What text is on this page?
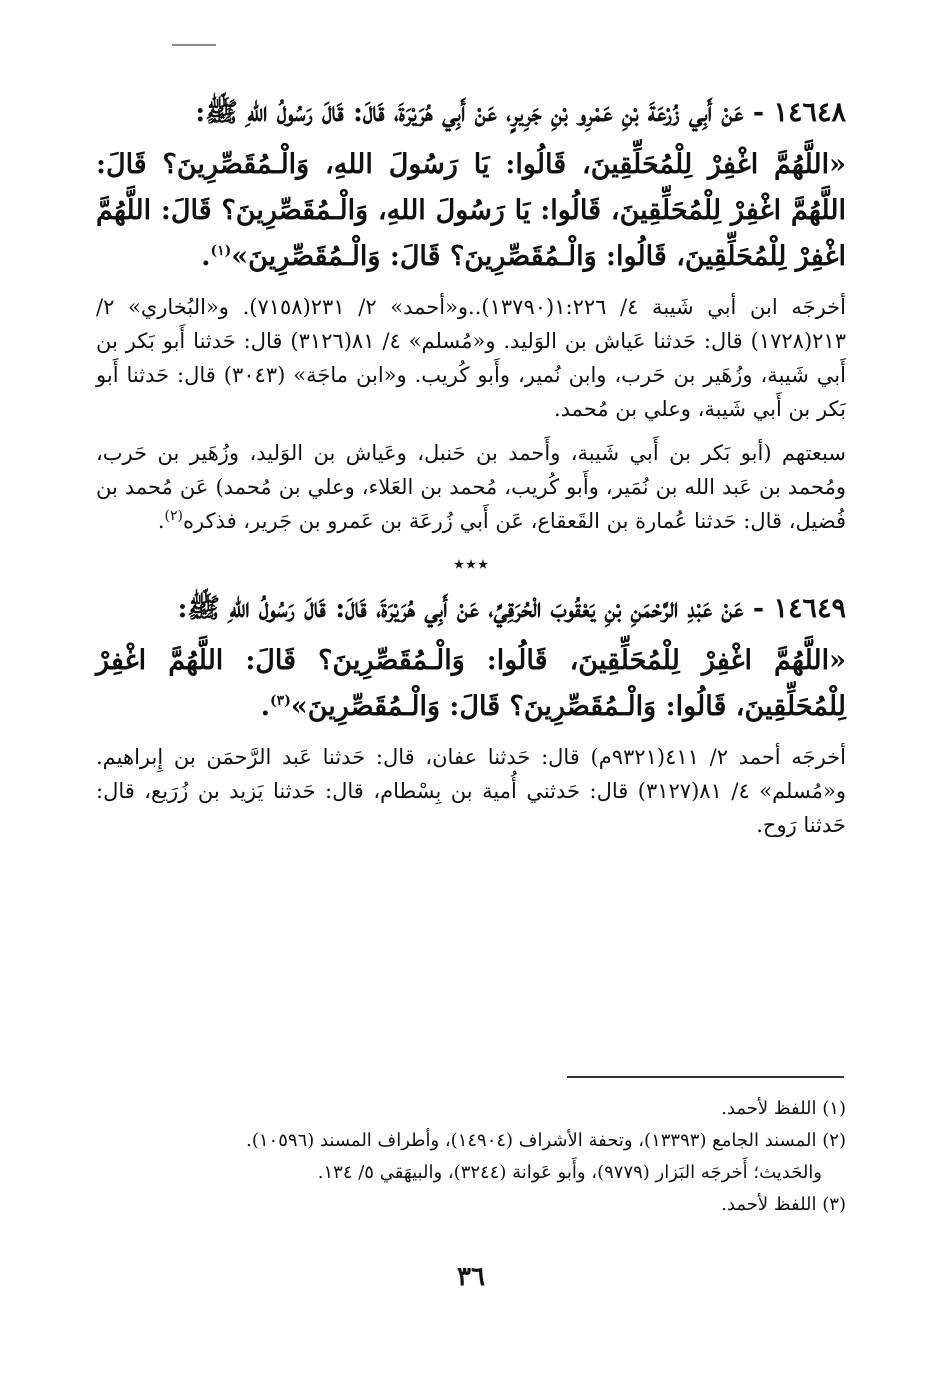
١٤٦٤٨ - عَنْ أَبِي زُرْعَةَ بْنِ عَمْرِو بْنِ جَرِيرٍ، عَنْ أَبِي هُرَيْرَةَ، قَالَ: قَالَ رَسُولُ اللهِ ﷺ:

«اللَّهُمَّ اغْفِرْ لِلْمُحَلِّقِينَ، قَالُوا: يَا رَسُولَ اللهِ، وَالْـمُقَصِّرِينَ؟ قَالَ: اللَّهُمَّ اغْفِرْ لِلْمُحَلِّقِينَ، قَالُوا: يَا رَسُولَ اللهِ، وَالْـمُقَصِّرِينَ؟ قَالَ: اللَّهُمَّ اغْفِرْ لِلْمُحَلِّقِينَ، قَالُوا: وَالْـمُقَصِّرِينَ؟ قَالَ: وَالْـمُقَصِّرِينَ»$^{(١)}$.

أخرجَه ابن أبي شَيبة ٤/ ١:٢٢٦(١٣٧٩٠)..و«أحمد» ٢/ ٢٣١(٧١٥٨). و«البُخاري» ٢/ ٢١٣(١٧٢٨) قال: حَدثنا عَياش بن الوَليد. و«مُسلم» ٤/ ٨١(٣١٢٦) قال: حَدثنا أَبو بَكر بن أَبي شَيبة، وزُهَير بن حَرب، وابن نُمير، وأَبو كُريب. و«ابن ماجَة» (٣٠٤٣) قال: حَدثنا أَبو بَكر بن أَبي شَيبة، وعلي بن مُحمد.

سبعتهم (أبو بَكر بن أَبي شَيبة، وأَحمد بن حَنبل، وعَياش بن الوَليد، وزُهَير بن حَرب، ومُحمد بن عَبد الله بن نُمَير، وأَبو كُريب، مُحمد بن العَلاء، وعلي بن مُحمد) عَن مُحمد بن فُضيل، قال: حَدثنا عُمارة بن القَعقاع، عَن أَبي زُرعَة بن عَمرو بن جَرير، فذكره$^{(٢)}$.

٭٭٭

١٤٦٤٩ - عَنْ عَبْدِ الرَّحْمَنِ بْنِ يَعْقُوبَ الْحُرَقِيِّ، عَنْ أَبِي هُرَيْرَةَ، قَالَ: قَالَ رَسُولُ اللهِ ﷺ:

«اللَّهُمَّ اغْفِرْ لِلْمُحَلِّقِينَ، قَالُوا: وَالْـمُقَصِّرِينَ؟ قَالَ: اللَّهُمَّ اغْفِرْ لِلْمُحَلِّقِينَ، قَالُوا: وَالْـمُقَصِّرِينَ؟ قَالَ: وَالْـمُقَصِّرِينَ»$^{(٣)}$.

أخرجَه أحمد ٢/ ٤١١(٩٣٢١م) قال: حَدثنا عفان، قال: حَدثنا عَبد الرَّحمَن بن إِبراهيم. و«مُسلم» ٤/ ٨١(٣١٢٧) قال: حَدثني أُمية بن بِسْطام، قال: حَدثنا يَزيد بن زُرَيع، قال: حَدثنا رَوح.

(١) اللفظ لأحمد.

(٢) المسند الجامع (١٣٣٩٣)، وتحفة الأشراف (١٤٩٠٤)، وأطراف المسند (١٠٥٩٦).

والحَديث؛ أَخرجَه البَزار (٩٧٧٩)، وأَبو عَوانة (٣٢٤٤)، والبيهَقي ٥/ ١٣٤.

(٣) اللفظ لأحمد.

٣٦
